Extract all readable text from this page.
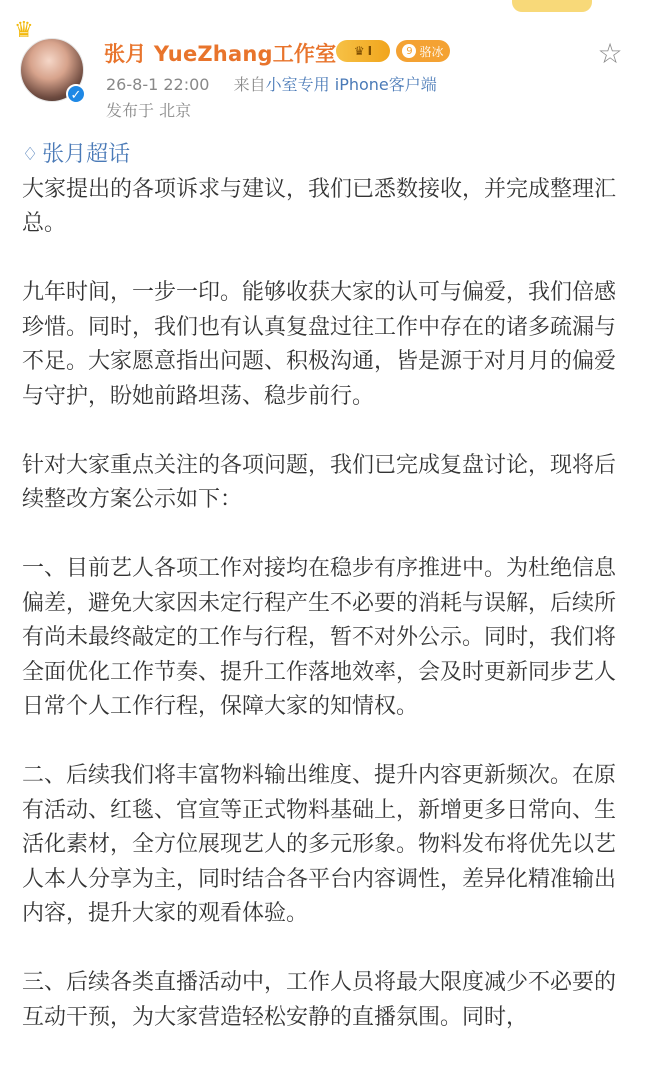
♛
✓
张月 YueZhang工作室 ♛ I	9 骆冰	☆
26-8-1 22:00 来自小室专用 iPhone客户端
发布于 北京
♢ 张月超话

大家提出的各项诉求与建议，我们已悉数接收，并完成整理汇总。

九年时间，一步一印。能够收获大家的认可与偏爱，我们倍感珍惜。同时，我们也有认真复盘过往工作中存在的诸多疏漏与不足。大家愿意指出问题、积极沟通，皆是源于对月月的偏爱与守护，盼她前路坦荡、稳步前行。

针对大家重点关注的各项问题，我们已完成复盘讨论，现将后续整改方案公示如下：

一、目前艺人各项工作对接均在稳步有序推进中。为杜绝信息偏差，避免大家因未定行程产生不必要的消耗与误解，后续所有尚未最终敲定的工作与行程，暂不对外公示。同时，我们将全面优化工作节奏、提升工作落地效率，会及时更新同步艺人日常个人工作行程，保障大家的知情权。

二、后续我们将丰富物料输出维度、提升内容更新频次。在原有活动、红毯、官宣等正式物料基础上，新增更多日常向、生活化素材，全方位展现艺人的多元形象。物料发布将优先以艺人本人分享为主，同时结合各平台内容调性，差异化精准输出内容，提升大家的观看体验。

三、后续各类直播活动中，工作人员将最大限度减少不必要的互动干预，为大家营造轻松安静的直播氛围。同时，
